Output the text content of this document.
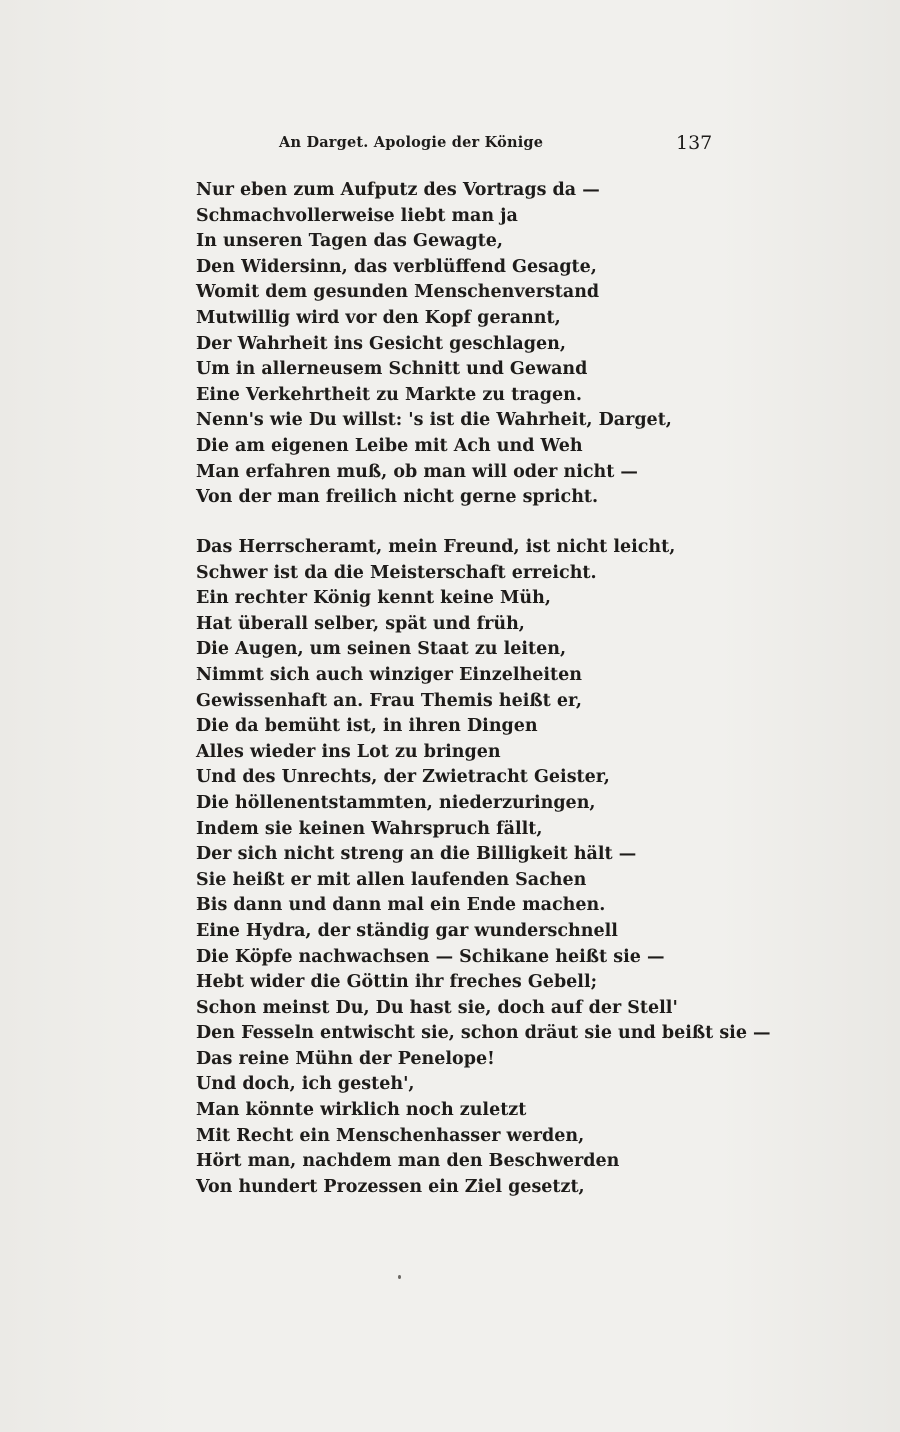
An Darget. Apologie der Könige	137
Nur eben zum Aufputz des Vortrags da —
Schmachvollerweise liebt man ja
In unseren Tagen das Gewagte,
Den Widersinn, das verblüffend Gesagte,
Womit dem gesunden Menschenverstand
Mutwillig wird vor den Kopf gerannt,
Der Wahrheit ins Gesicht geschlagen,
Um in allerneusem Schnitt und Gewand
Eine Verkehrtheit zu Markte zu tragen.
Nenn's wie Du willst: 's ist die Wahrheit, Darget,
Die am eigenen Leibe mit Ach und Weh
Man erfahren muß, ob man will oder nicht —
Von der man freilich nicht gerne spricht.
Das Herrscheramt, mein Freund, ist nicht leicht,
Schwer ist da die Meisterschaft erreicht.
Ein rechter König kennt keine Müh,
Hat überall selber, spät und früh,
Die Augen, um seinen Staat zu leiten,
Nimmt sich auch winziger Einzelheiten
Gewissenhaft an. Frau Themis heißt er,
Die da bemüht ist, in ihren Dingen
Alles wieder ins Lot zu bringen
Und des Unrechts, der Zwietracht Geister,
Die höllenentstammten, niederzuringen,
Indem sie keinen Wahrspruch fällt,
Der sich nicht streng an die Billigkeit hält —
Sie heißt er mit allen laufenden Sachen
Bis dann und dann mal ein Ende machen.
Eine Hydra, der ständig gar wunderschnell
Die Köpfe nachwachsen — Schikane heißt sie —
Hebt wider die Göttin ihr freches Gebell;
Schon meinst Du, Du hast sie, doch auf der Stell'
Den Fesseln entwischt sie, schon dräut sie und beißt sie —
Das reine Mühn der Penelope!
Und doch, ich gesteh',
Man könnte wirklich noch zuletzt
Mit Recht ein Menschenhasser werden,
Hört man, nachdem man den Beschwerden
Von hundert Prozessen ein Ziel gesetzt,
